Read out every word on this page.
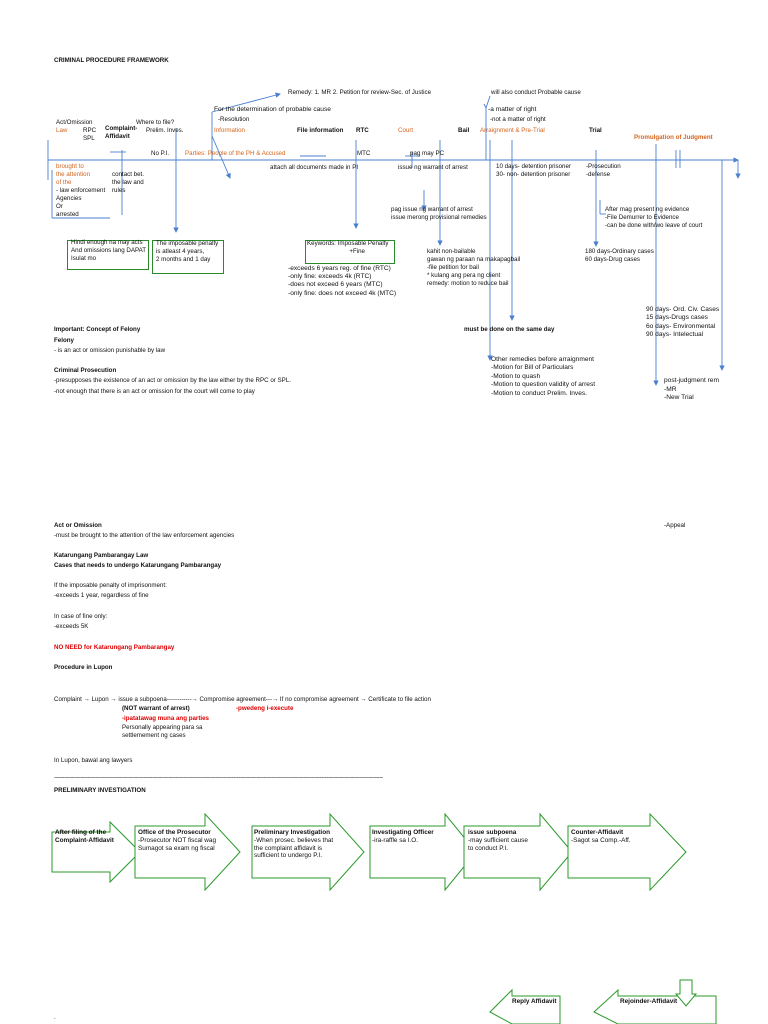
CRIMINAL PROCEDURE FRAMEWORK
Remedy: 1. MR 2. Petition for review-Sec. of Justice	will also conduct Probable cause
For the determination of probable cause	-a matter of right
-Resolution	-not a matter of right
Act/Omission
Law	RPC
SPL
Complaint-
Affidavit
Where to file?
Prelim. Inves.	Information	File information RTC	Court	Bail Arraignment & Pre-Trial	Trial
Promulgation of Judgment
brought to
the attention
of the
- law enforcement
Agencies
Or
arrested
contact bet.
the law and
rules
No P.I.	Parties: People of the PH & Accused	MTC	pag may PC
10 days- detention prisoner
30- non- detention prisoner
-Prosecution
-defense
attach all documents made in PI	issue ng warrant of arrest
pag issue ng warrant of arrest
issue merong provisional remedies
After mag present ng evidence
-File Demurrer to Evidence
-can be done with/wo leave of court
Hindi enough na may acts
And omissions lang DAPAT
Isulat mo
The imposable penalty
is atleast 4 years,
2 months and 1 day
Keywords: Imposable Penalty
+Fine
-exceeds 6 years reg. of fine (RTC)
-only fine: exceeds 4k (RTC)
-does not exceed 6 years (MTC)
-only fine: does not exceed 4k (MTC)
kahit non-bailable
gawan ng paraan na makapagbail
-file petition for bail
* kulang ang pera ng client
remedy: motion to reduce bail
180 days-Ordinary cases
60 days-Drug cases
90 days- Ord. Civ. Cases
15 days-Drugs cases
6o days- Environmental
90 days- Intelectual
Important: Concept of Felony
Felony
- is an act or omission punishable by law
must be done on the same day
Criminal Prosecution
-presupposes the existence of an act or omission by the law either by the RPC or SPL.
-not enough that there is an act or omission for the court will come to play
Other remedies before arraignment
-Motion for Bill of Particulars
-Motion to quash
-Motion to question validity of arrest
-Motion to conduct Prelim. Inves.
post-judgment rem
-MR
-New Trial
-Appeal
Act or Omission
-must be brought to the attention of the law enforcement agencies
Katarungang Pambarangay Law
Cases that needs to undergo Katarungang Pambarangay
If the imposable penalty of imprisonment:
-exceeds 1 year, regardless of fine
In case of fine only:
-exceeds 5K
NO NEED for Katarungang Pambarangay
Procedure in Lupon
Complaint → Lupon → issue a subpoena------------→ Compromise agreement---→ If no compromise agreement → Certificate to file action
(NOT warrant of arrest)
-ipatatawag muna ang parties
-pwedeng i-execute
Personally appearing para sa
settlemement ng cases
In Lupon, bawal ang lawyers
------------------------------------------------------------------------------------------------------------------------------------------------------------------------------------------------------
PRELIMINARY INVESTIGATION
After filing of the
Complaint-Affidavit
Office of the Prosecutor
-Prosecutor NOT fiscal wag
Sumagot sa exam ng fiscal
Preliminary Investigation
-When prosec. believes that
the complaint affidavit is
sufficient to undergo P.I.
Investigating Officer
-ira-raffle sa I.O.
issue subpoena
-may sufficient cause
to conduct P.I.
Counter-Affidavit
-Sagot sa Comp.-Aff.
Reply Affidavit	Rejoinder-Affidavit
.
